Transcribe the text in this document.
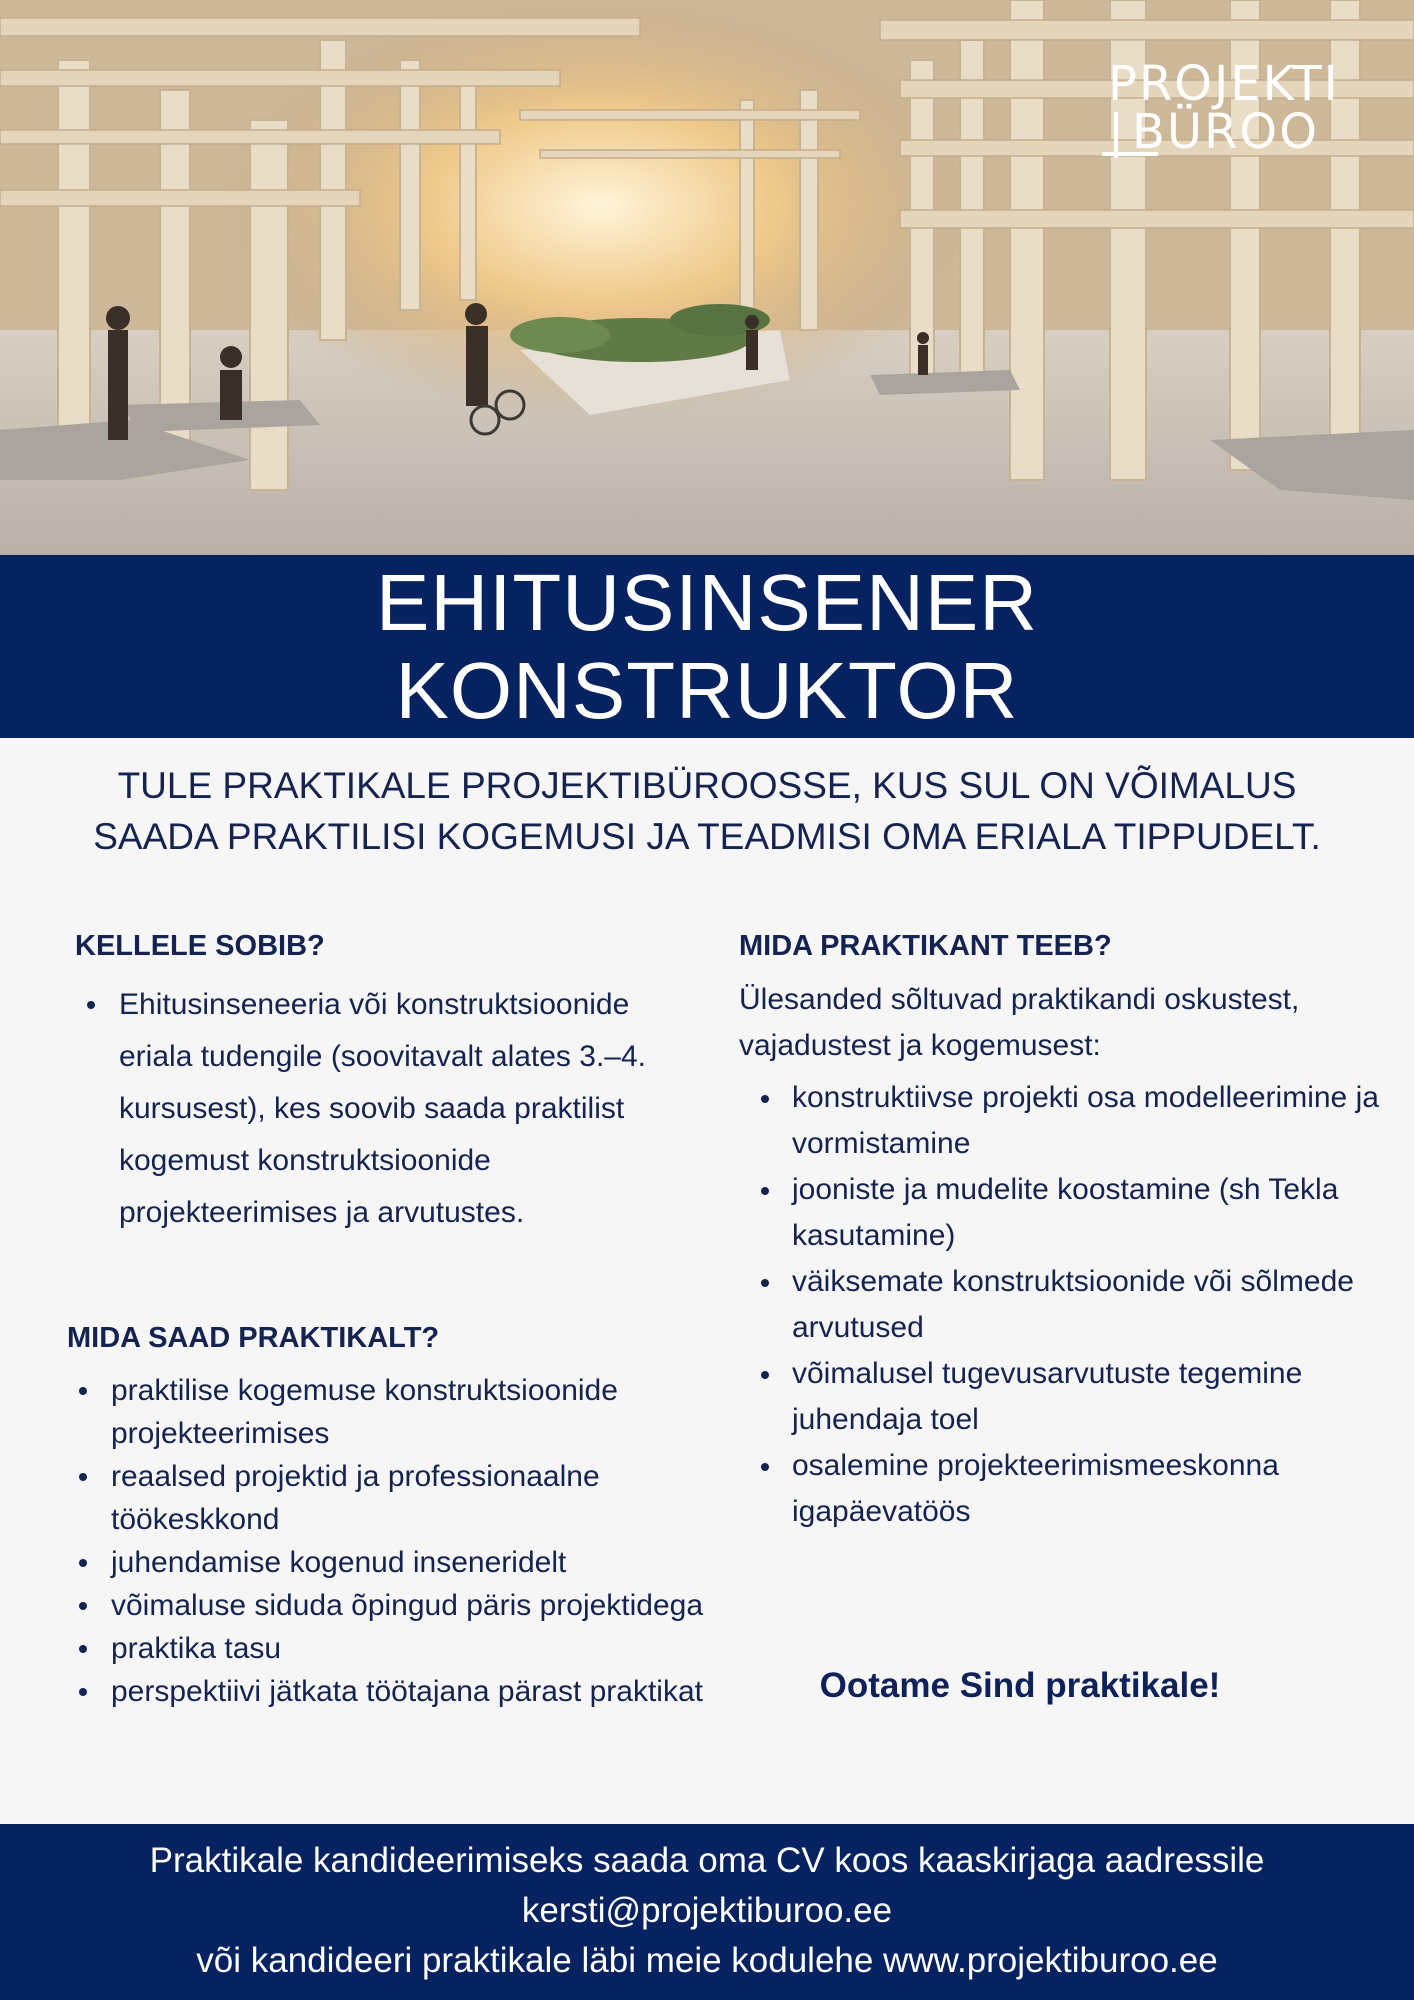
PROJEKTI
BÜROO
EHITUSINSENER
KONSTRUKTOR
TULE PRAKTIKALE PROJEKTIBÜROOSSE, KUS SUL ON VÕIMALUS
SAADA PRAKTILISI KOGEMUSI JA TEADMISI OMA ERIALA TIPPUDELT.
KELLELE SOBIB?
Ehitusinseneeria või konstruktsioonide eriala tudengile (soovitavalt alates 3.–4. kursusest), kes soovib saada praktilist kogemust konstruktsioonide projekteerimises ja arvutustes.
MIDA SAAD PRAKTIKALT?
praktilise kogemuse konstruktsioonide projekteerimises
reaalsed projektid ja professionaalne töökeskkond
juhendamise kogenud inseneridelt
võimaluse siduda õpingud päris projektidega
praktika tasu
perspektiivi jätkata töötajana pärast praktikat
MIDA PRAKTIKANT TEEB?

Ülesanded sõltuvad praktikandi oskustest, vajadustest ja kogemusest:

konstruktiivse projekti osa modelleerimine ja vormistamine
jooniste ja mudelite koostamine (sh Tekla kasutamine)
väiksemate konstruktsioonide või sõlmede arvutused
võimalusel tugevusarvutuste tegemine juhendaja toel
osalemine projekteerimismeeskonna igapäevatöös
Ootame Sind praktikale!
Praktikale kandideerimiseks saada oma CV koos kaaskirjaga aadressile
kersti@projektiburoo.ee
või kandideeri praktikale läbi meie kodulehe www.projektiburoo.ee
